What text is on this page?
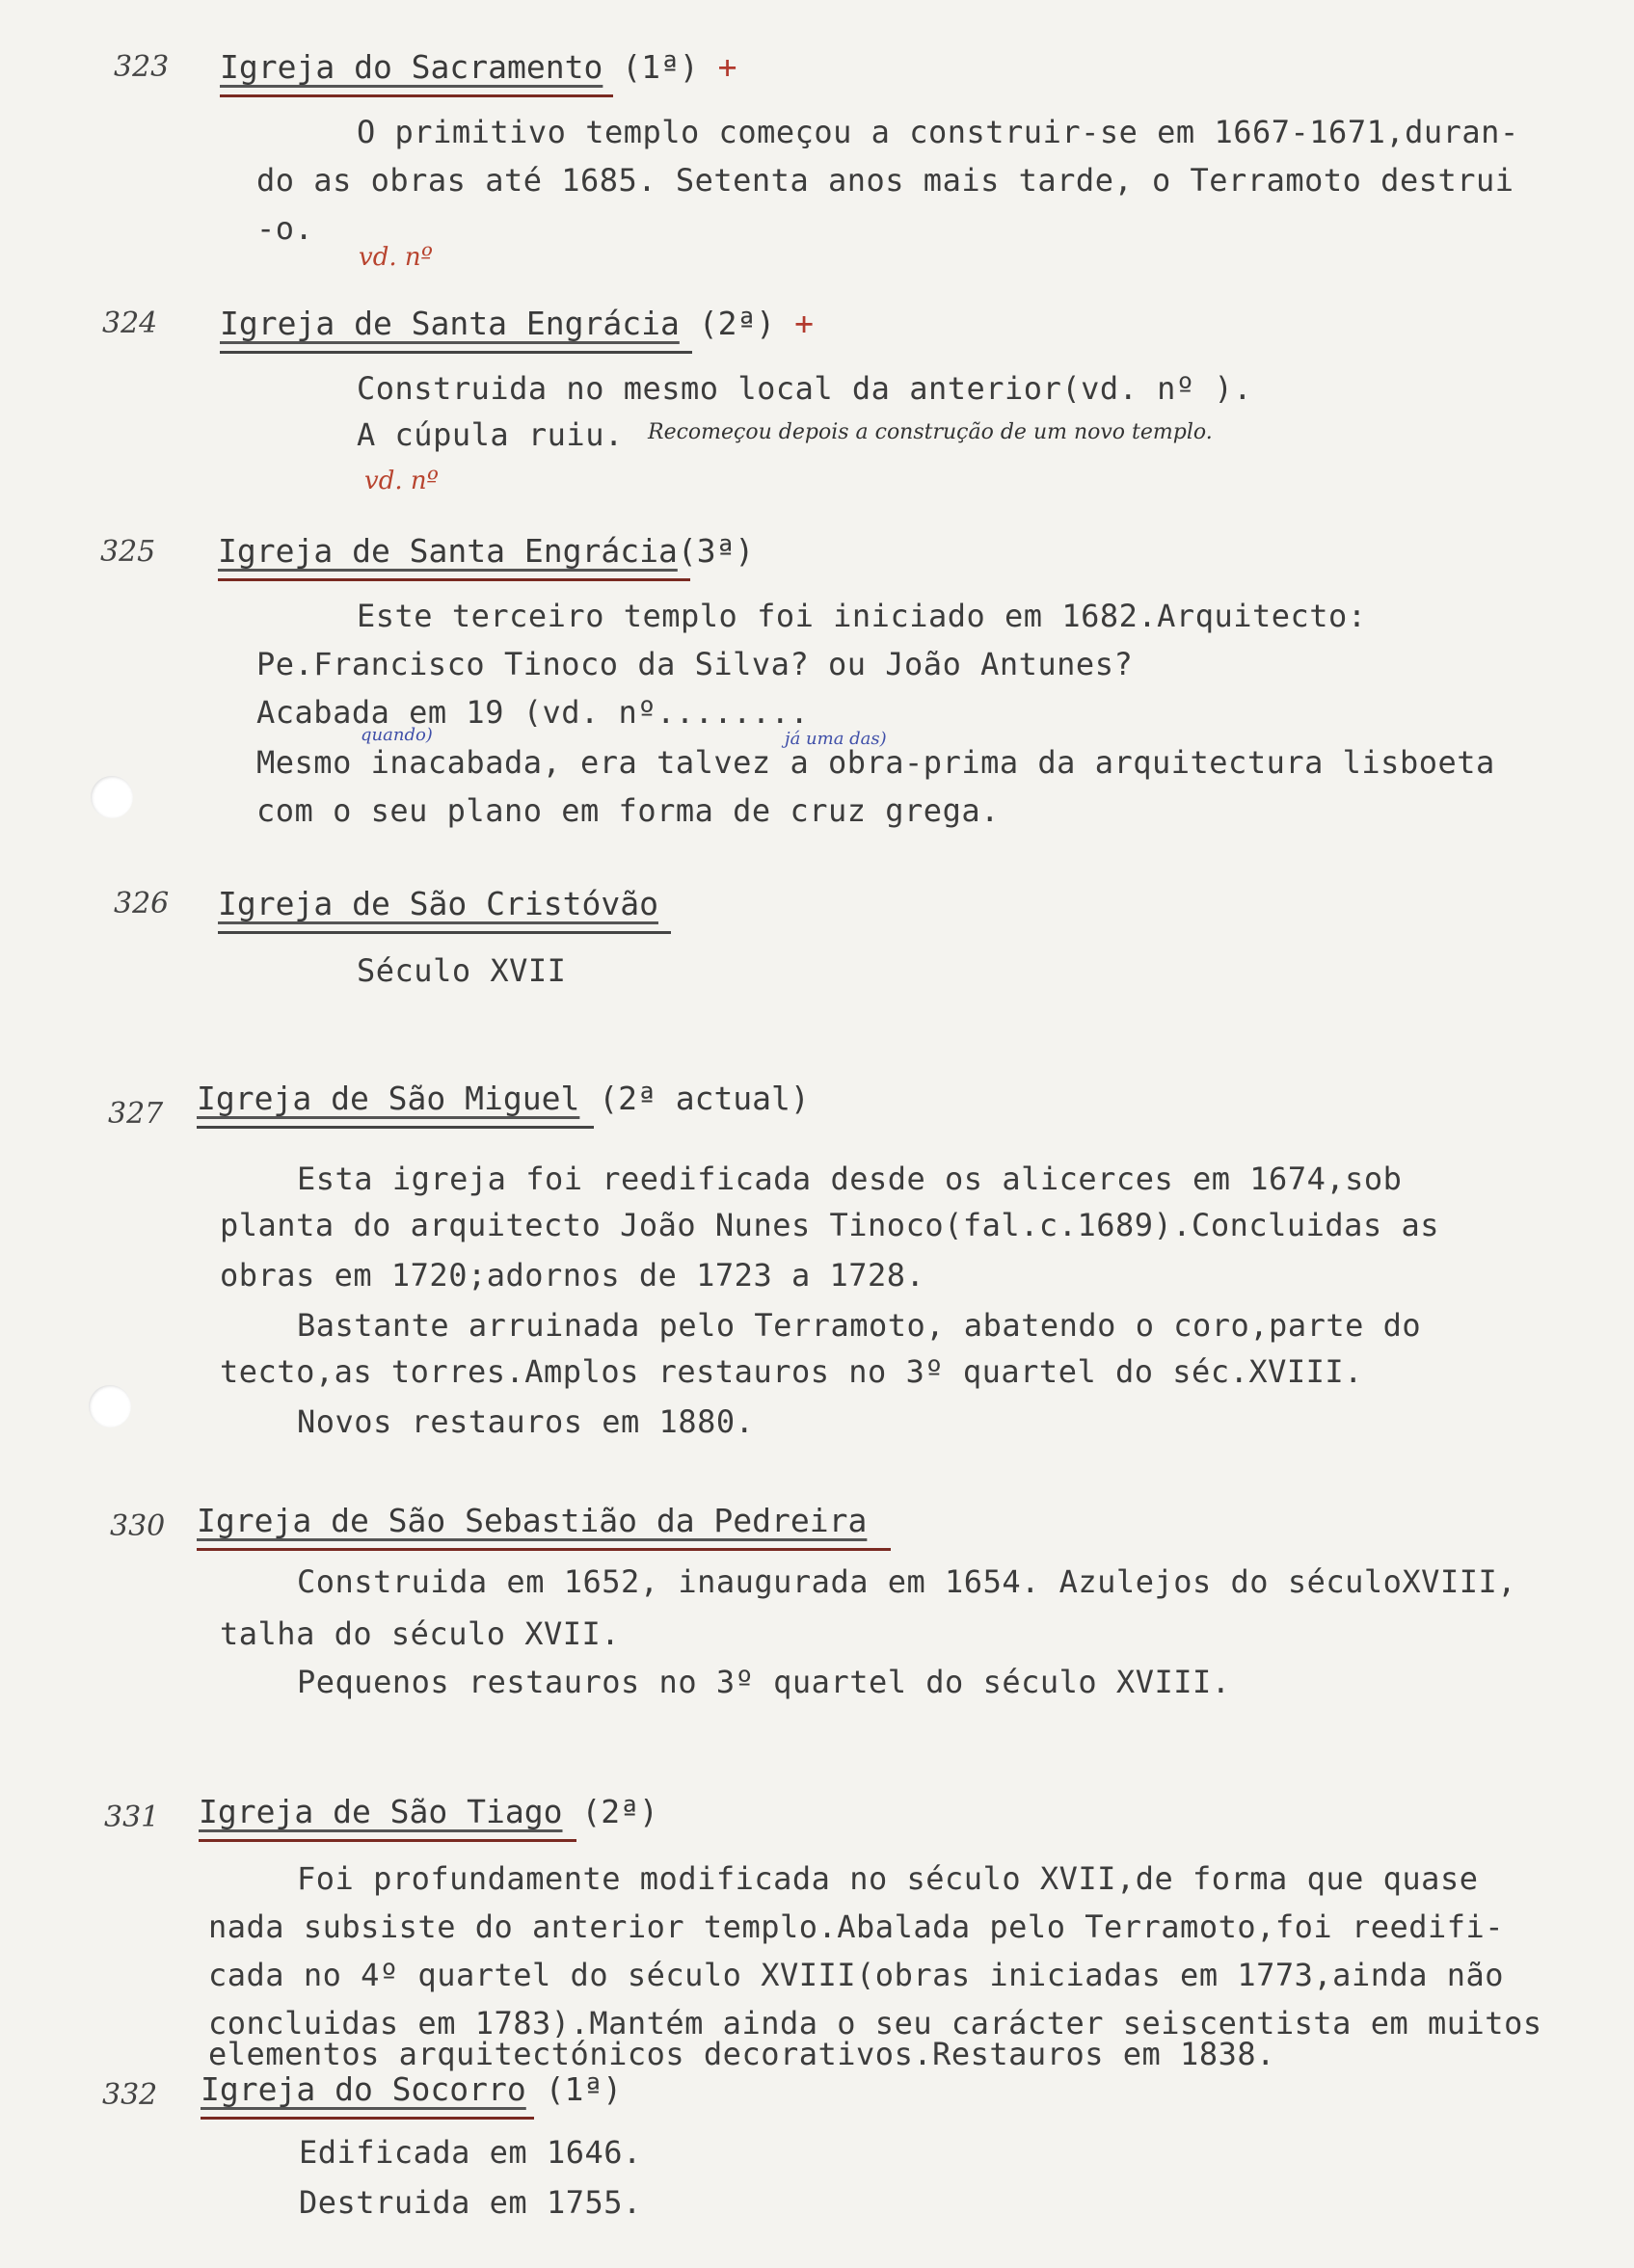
323 Igreja do Sacramento (1ª) +
O primitivo templo começou a construir-se em 1667-1671,duran-
do as obras até 1685. Setenta anos mais tarde, o Terramoto destrui
-o.
vd. nº
324 Igreja de Santa Engrácia (2ª) +
Construida no mesmo local da anterior(vd. nº ).
A cúpula ruiu. Recomeçou depois a construção de um novo templo.
vd. nº
325 Igreja de Santa Engrácia(3ª)
Este terceiro templo foi iniciado em 1682.Arquitecto:
Pe.Francisco Tinoco da Silva? ou João Antunes?
Acabada em 19 (vd. nº........
quando)	já uma das)
Mesmo inacabada, era talvez a obra-prima da arquitectura lisboeta
com o seu plano em forma de cruz grega.
326 Igreja de São Cristóvão
Século XVII
327 Igreja de São Miguel (2ª actual)
Esta igreja foi reedificada desde os alicerces em 1674,sob
planta do arquitecto João Nunes Tinoco(fal.c.1689).Concluidas as
obras em 1720;adornos de 1723 a 1728.
Bastante arruinada pelo Terramoto, abatendo o coro,parte do
tecto,as torres.Amplos restauros no 3º quartel do séc.XVIII.
Novos restauros em 1880.
330 Igreja de São Sebastião da Pedreira
Construida em 1652, inaugurada em 1654. Azulejos do séculoXVIII,
talha do século XVII.
Pequenos restauros no 3º quartel do século XVIII.
331 Igreja de São Tiago (2ª)
Foi profundamente modificada no século XVII,de forma que quase
nada subsiste do anterior templo.Abalada pelo Terramoto,foi reedifi-
cada no 4º quartel do século XVIII(obras iniciadas em 1773,ainda não
concluidas em 1783).Mantém ainda o seu carácter seiscentista em muitos
elementos arquitectónicos decorativos.Restauros em 1838.
332 Igreja do Socorro (1ª)
Edificada em 1646.
Destruida em 1755.
